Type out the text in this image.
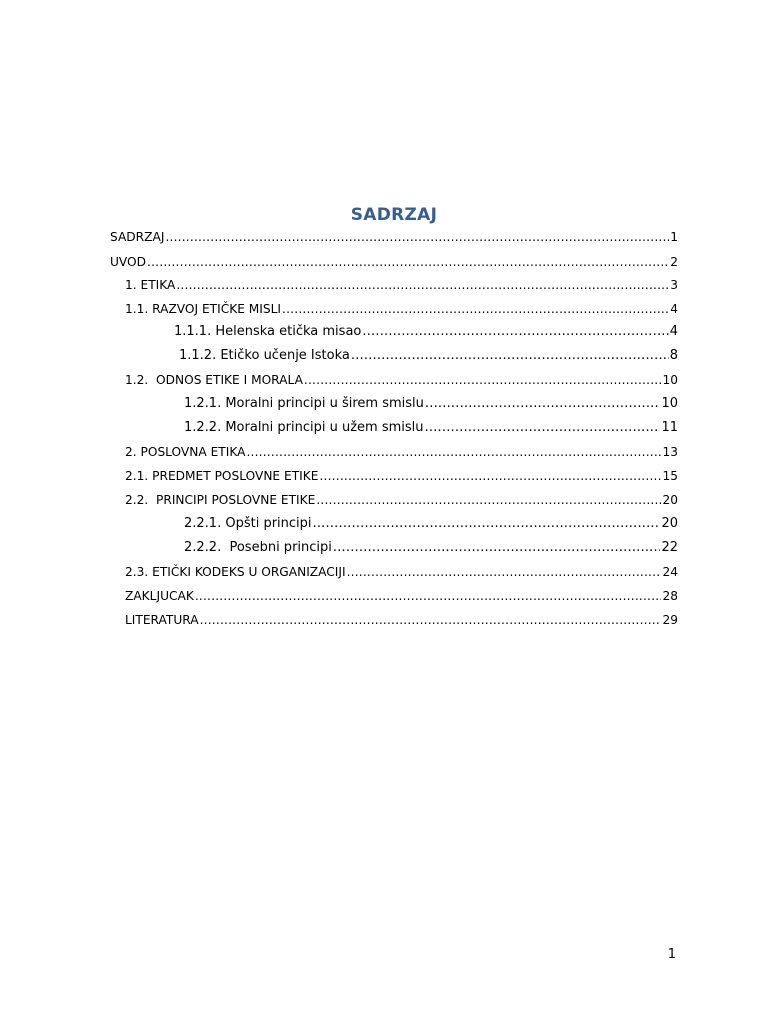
SADRZAJ
SADRZAJ .....	1
UVOD .....	2
1. ETIKA .....	3
1.1. RAZVOJ ETIČKE MISLI .....	4
1.1.1. Helenska etička misao .....	4
1.1.2. Etičko učenje Istoka .....	8
1.2.  ODNOS ETIKE I MORALA .....	10
1.2.1. Moralni principi u širem smislu .....	10
1.2.2. Moralni principi u užem smislu .....	11
2. POSLOVNA ETIKA .....	13
2.1. PREDMET POSLOVNE ETIKE .....	15
2.2.  PRINCIPI POSLOVNE ETIKE .....	20
2.2.1. Opšti principi .....	20
2.2.2.  Posebni principi .....	22
2.3. ETIČKI KODEKS U ORGANIZACIJI .....	24
ZAKLJUCAK .....	28
LITERATURA .....	29
1
